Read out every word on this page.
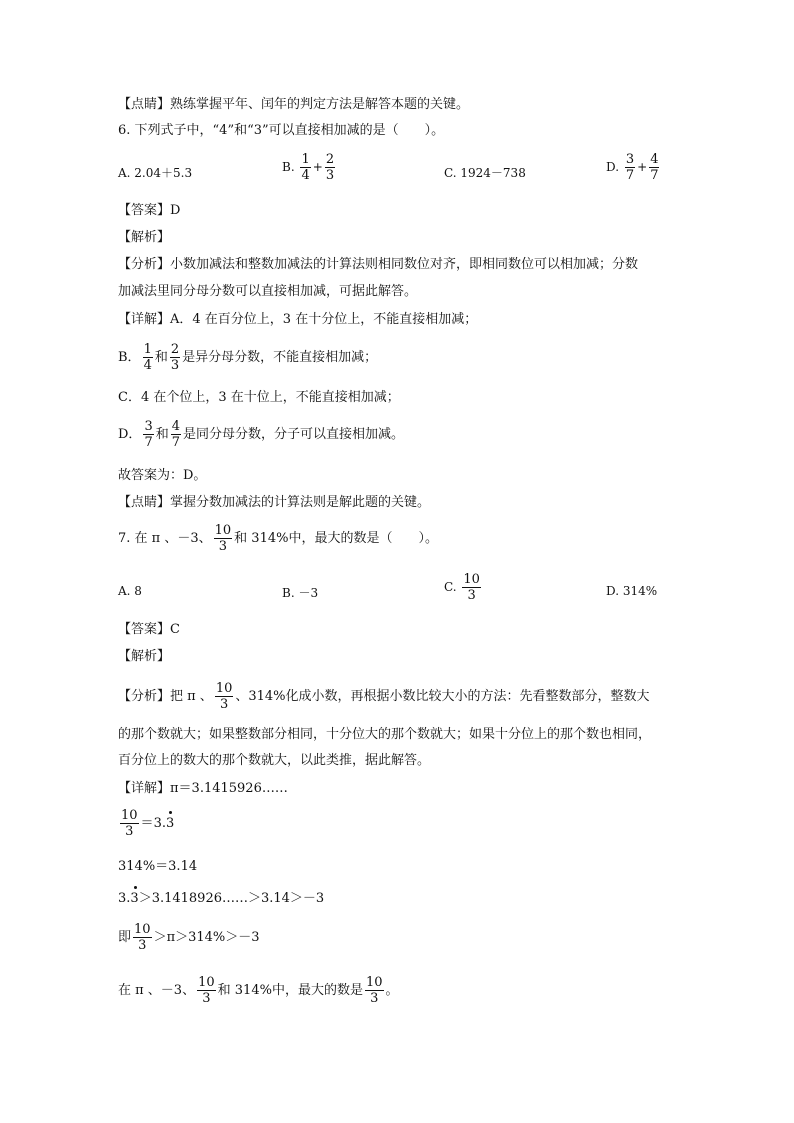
【点睛】熟练掌握平年、闰年的判定方法是解答本题的关键。
6. 下列式子中，“4”和“3”可以直接相加减的是（　　）。
A. 2.04＋5.3	B. $\frac{1}{4} + \frac{2}{3}$	C. 1924－738	D. $\frac{3}{7} + \frac{4}{7}$
【答案】D
【解析】
【分析】小数加减法和整数加减法的计算法则相同数位对齐，即相同数位可以相加减；分数
加减法里同分母分数可以直接相加减，可据此解答。
【详解】A．4 在百分位上，3 在十分位上，不能直接相加减；
B． $\frac{1}{4}$ 和 $\frac{2}{3}$ 是异分母分数，不能直接相加减；
C．4 在个位上，3 在十位上，不能直接相加减；
D． $\frac{3}{7}$ 和 $\frac{4}{7}$ 是同分母分数，分子可以直接相加减。
故答案为：D。
【点睛】掌握分数加减法的计算法则是解此题的关键。
7. 在 π 、－3、 $\frac{10}{3}$ 和 314%中，最大的数是（　　）。
A. 8	B. －3	C. $\frac{10}{3}$	D. 314%
【答案】C
【解析】
【分析】把 π 、 $\frac{10}{3}$ 、314%化成小数，再根据小数比较大小的方法：先看整数部分，整数大
的那个数就大；如果整数部分相同，十分位大的那个数就大；如果十分位上的那个数也相同，
百分位上的数大的那个数就大，以此类推，据此解答。
【详解】π＝3.1415926……
$\frac{10}{3} =3$.
3
314%＝3.14
3.
3＞3.1418926……＞3.14＞－3
即 $\frac{10}{3} >\pi>314\%>-3$
在 π 、－3、 $\frac{10}{3}$ 和 314%中，最大的数是 $\frac{10}{3}$ 。
